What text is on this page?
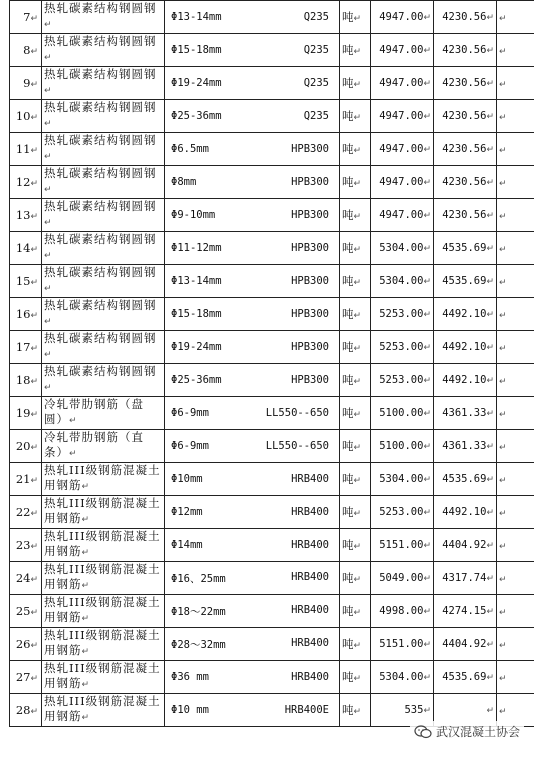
7↵	热轧碳素结构钢圆钢↵	Φ13-14mm Q235	吨↵	4947.00↵	4230.56↵	↵
8↵	热轧碳素结构钢圆钢↵	Φ15-18mm Q235	吨↵	4947.00↵	4230.56↵	↵
9↵	热轧碳素结构钢圆钢↵	Φ19-24mm Q235	吨↵	4947.00↵	4230.56↵	↵
10↵	热轧碳素结构钢圆钢↵	Φ25-36mm Q235	吨↵	4947.00↵	4230.56↵	↵
11↵	热轧碳素结构钢圆钢↵	Φ6.5mm HPB300	吨↵	4947.00↵	4230.56↵	↵
12↵	热轧碳素结构钢圆钢↵	Φ8mm HPB300	吨↵	4947.00↵	4230.56↵	↵
13↵	热轧碳素结构钢圆钢↵	Φ9-10mm HPB300	吨↵	4947.00↵	4230.56↵	↵
14↵	热轧碳素结构钢圆钢↵	Φ11-12mm HPB300	吨↵	5304.00↵	4535.69↵	↵
15↵	热轧碳素结构钢圆钢↵	Φ13-14mm HPB300	吨↵	5304.00↵	4535.69↵	↵
16↵	热轧碳素结构钢圆钢↵	Φ15-18mm HPB300	吨↵	5253.00↵	4492.10↵	↵
17↵	热轧碳素结构钢圆钢↵	Φ19-24mm HPB300	吨↵	5253.00↵	4492.10↵	↵
18↵	热轧碳素结构钢圆钢↵	Φ25-36mm HPB300	吨↵	5253.00↵	4492.10↵	↵
19↵	冷轧带肋钢筋（盘圆）↵	Φ6-9mm LL550--650	吨↵	5100.00↵	4361.33↵	↵
20↵	冷轧带肋钢筋（直条）↵	Φ6-9mm LL550--650	吨↵	5100.00↵	4361.33↵	↵
21↵	热轧III级钢筋混凝土用钢筋↵	Φ10mm HRB400	吨↵	5304.00↵	4535.69↵	↵
22↵	热轧III级钢筋混凝土用钢筋↵	Φ12mm HRB400	吨↵	5253.00↵	4492.10↵	↵
23↵	热轧III级钢筋混凝土用钢筋↵	Φ14mm HRB400	吨↵	5151.00↵	4404.92↵	↵
24↵	热轧III级钢筋混凝土用钢筋↵	Φ16、25mm HRB400	吨↵	5049.00↵	4317.74↵	↵
25↵	热轧III级钢筋混凝土用钢筋↵	Φ18～22mm HRB400	吨↵	4998.00↵	4274.15↵	↵
26↵	热轧III级钢筋混凝土用钢筋↵	Φ28～32mm HRB400	吨↵	5151.00↵	4404.92↵	↵
27↵	热轧III级钢筋混凝土用钢筋↵	Φ36 mm HRB400	吨↵	5304.00↵	4535.69↵	↵
28↵	热轧III级钢筋混凝土用钢筋↵	Φ10 mm HRB400E	吨↵	535↵	↵	↵
武汉混凝土协会
